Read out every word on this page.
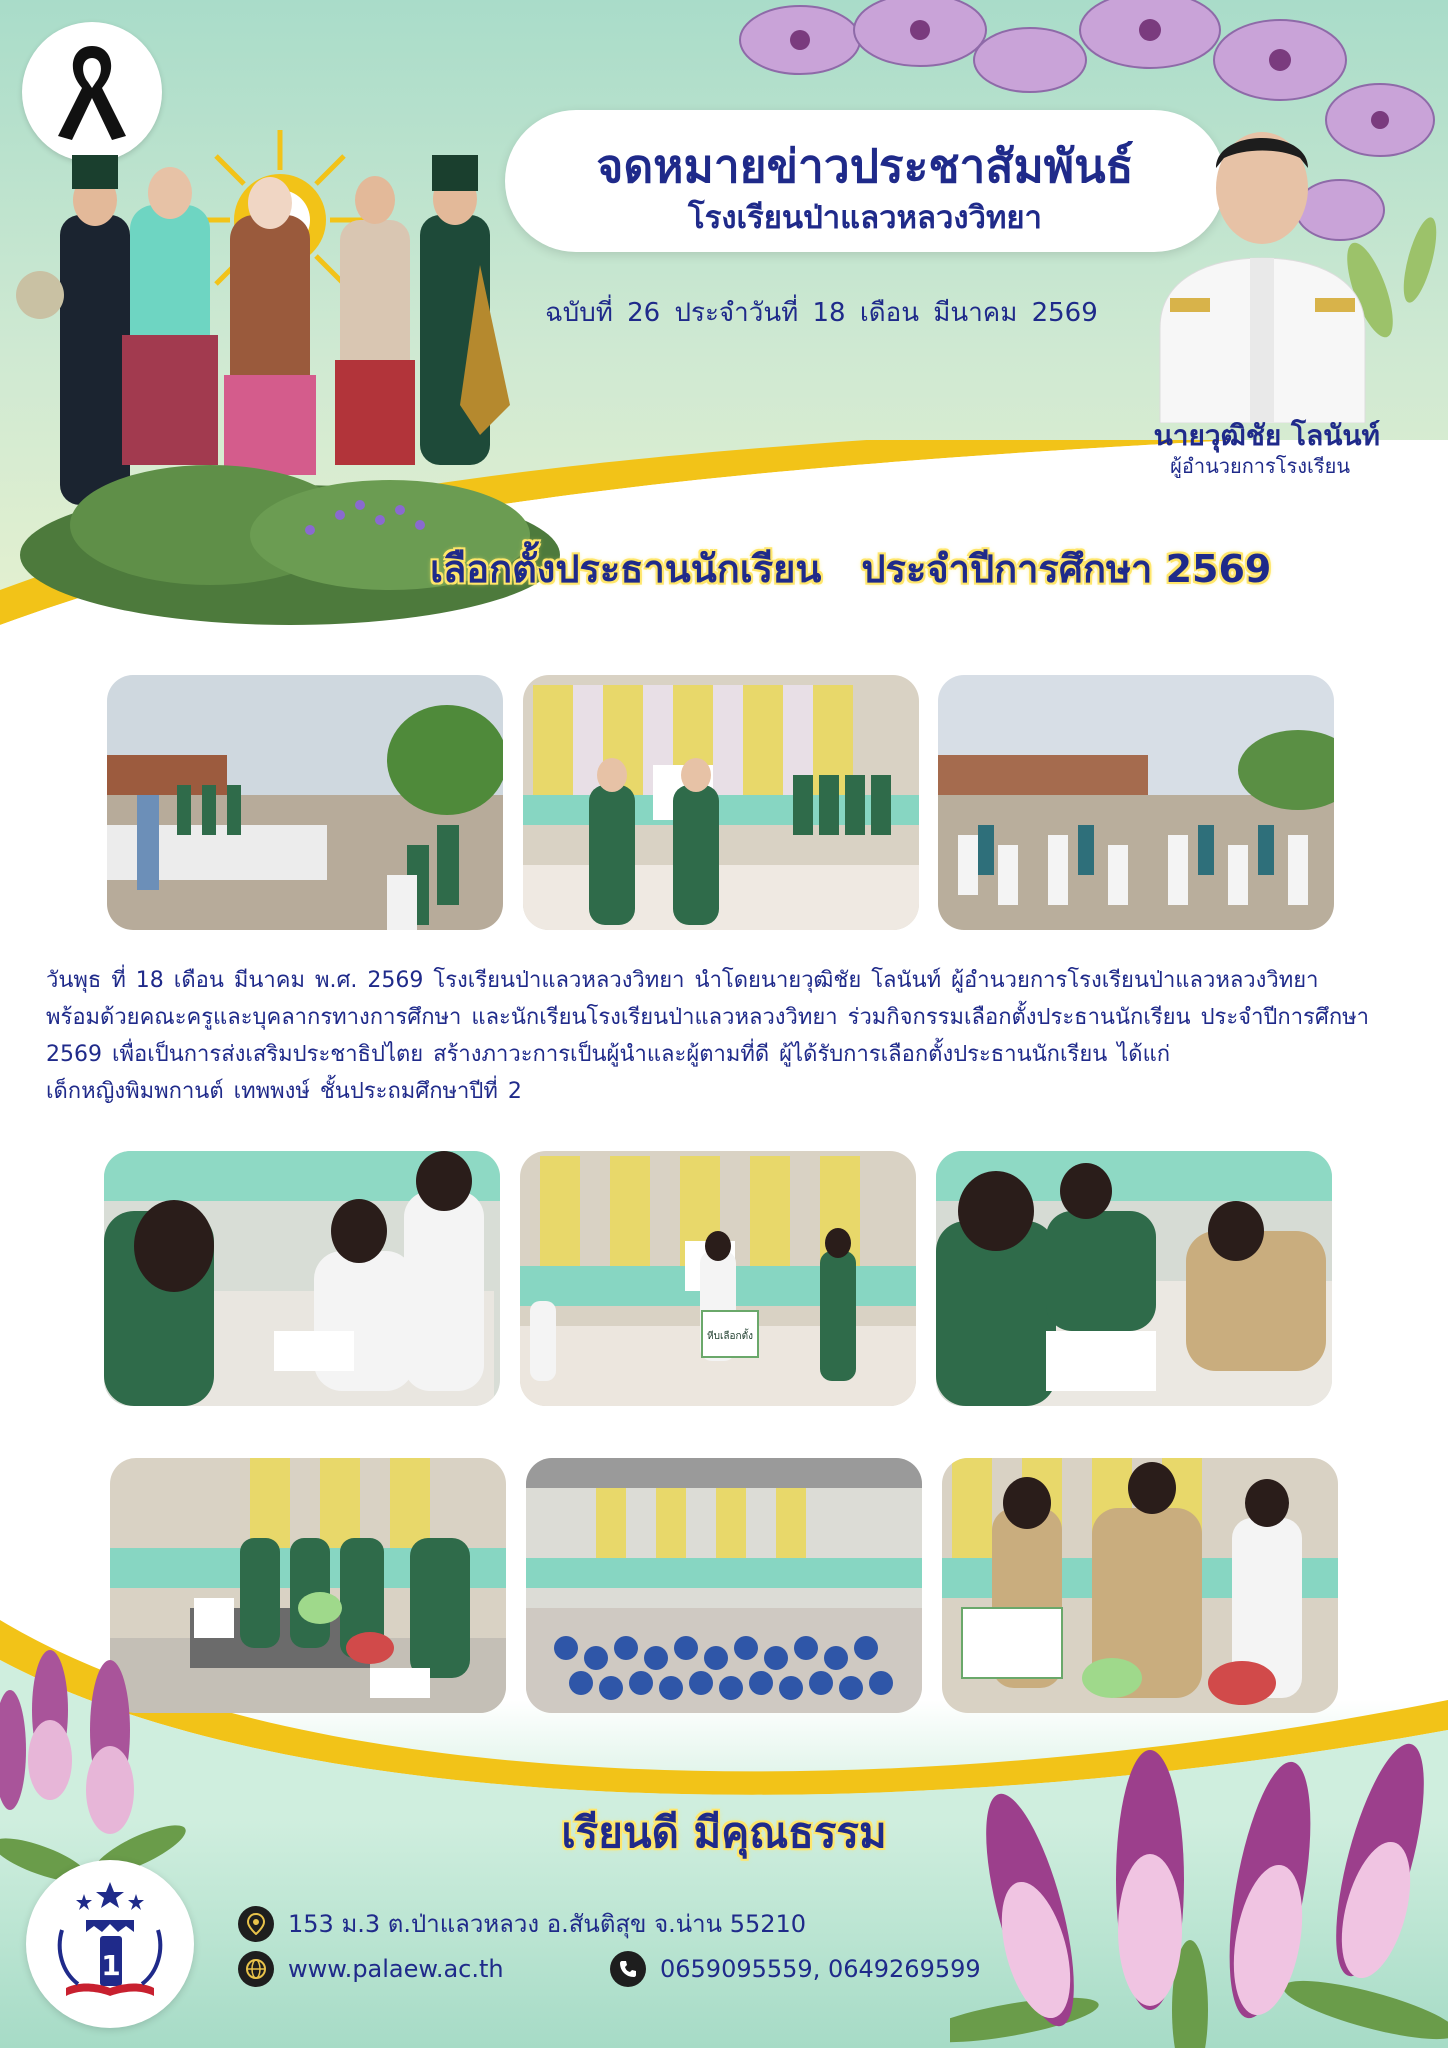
จดหมายข่าวประชาสัมพันธ์
โรงเรียนป่าแลวหลวงวิทยา
ฉบับที่ 26 ประจำวันที่ 18 เดือน มีนาคม 2569
นายวุฒิชัย โลนันท์
ผู้อำนวยการโรงเรียน
เลือกตั้งประธานนักเรียน ประจำปีการศึกษา 2569
วันพุธ ที่ 18 เดือน มีนาคม พ.ศ. 2569 โรงเรียนป่าแลวหลวงวิทยา นำโดยนายวุฒิชัย โลนันท์ ผู้อำนวยการโรงเรียนป่าแลวหลวงวิทยา
พร้อมด้วยคณะครูและบุคลากรทางการศึกษา และนักเรียนโรงเรียนป่าแลวหลวงวิทยา ร่วมกิจกรรมเลือกตั้งประธานนักเรียน ประจำปีการศึกษา
2569 เพื่อเป็นการส่งเสริมประชาธิปไตย สร้างภาวะการเป็นผู้นำและผู้ตามที่ดี ผู้ได้รับการเลือกตั้งประธานนักเรียน ได้แก่
เด็กหญิงพิมพกานต์ เทพพงษ์ ชั้นประถมศึกษาปีที่ 2
หีบเลือกตั้ง
เรียนดี มีคุณธรรม
1
153 ม.3 ต.ป่าแลวหลวง อ.สันติสุข จ.น่าน 55210
www.palaew.ac.th	0659095559, 0649269599
